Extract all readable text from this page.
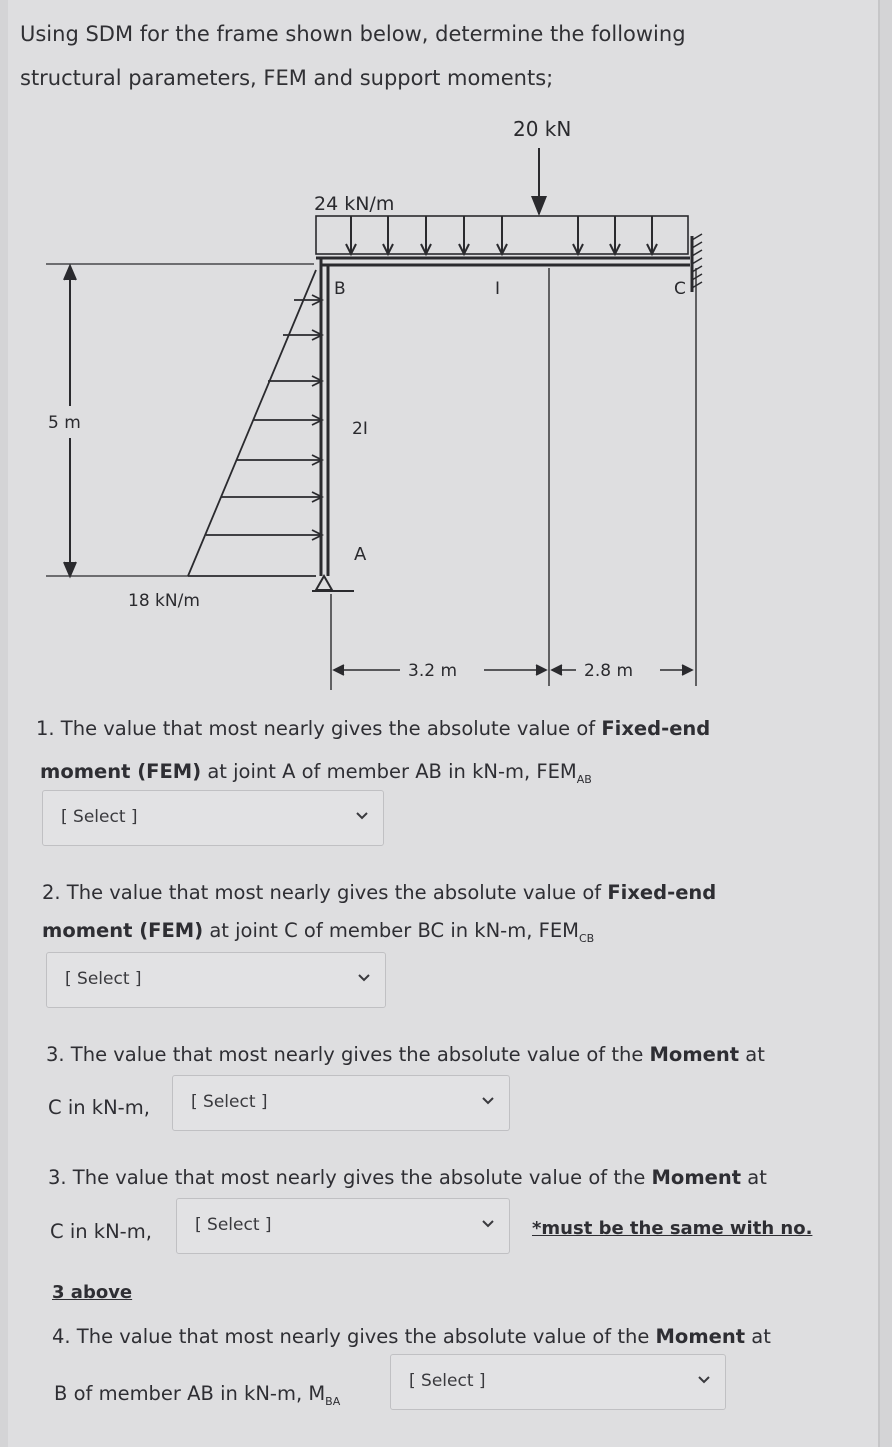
Using SDM for the frame shown below, determine the following
structural parameters, FEM and support moments;
20 kN
24 kN/m
5 m
18 kN/m
B	C
A
2I
I
3.2 m	2.8 m
1. The value that most nearly gives the absolute value of Fixed-end
moment (FEM) at joint A of member AB in kN-m, $FEM_{AB}$
[ Select ]
2. The value that most nearly gives the absolute value of Fixed-end
moment (FEM) at joint C of member BC in kN-m, $FEM_{CB}$
[ Select ]
3. The value that most nearly gives the absolute value of the Moment at
C in kN-m, [ Select ]
3. The value that most nearly gives the absolute value of the Moment at
C in kN-m,	[ Select ]	*must be the same with no.
3 above
4. The value that most nearly gives the absolute value of the Moment at
B of member AB in kN-m, $M_{BA}$
[ Select ]
